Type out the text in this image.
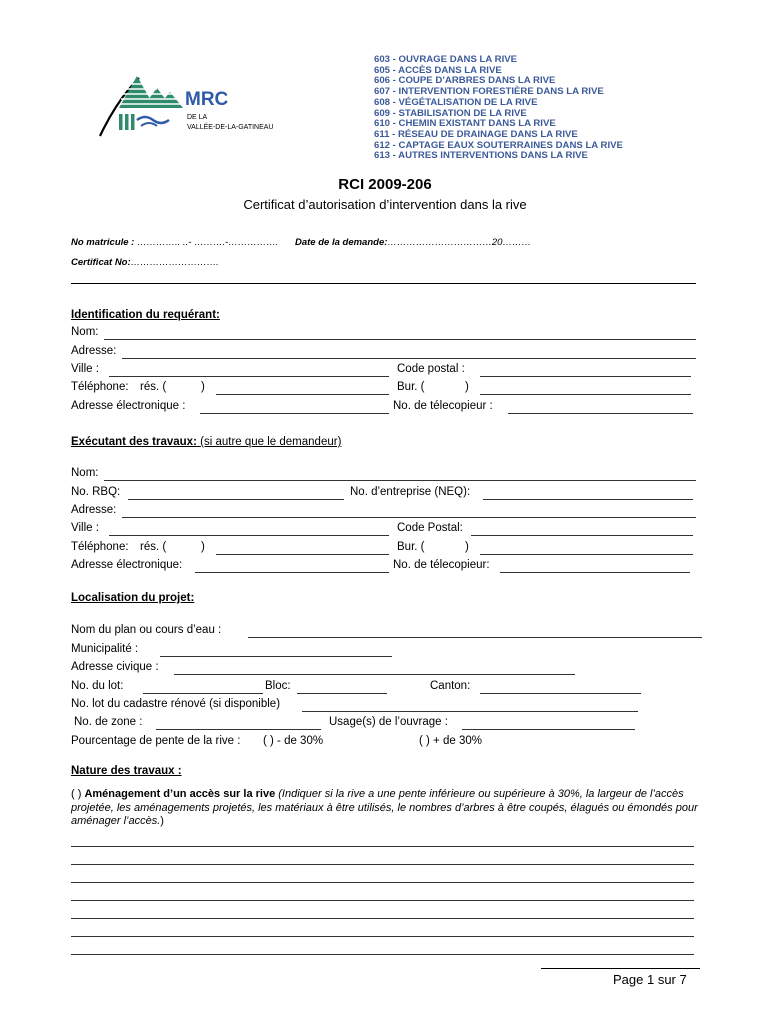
MRC
DE LA
VALLÉE-DE-LA-GATINEAU
603 - OUVRAGE DANS LA RIVE
605 - ACCÈS DANS LA RIVE
606 - COUPE D’ARBRES DANS LA RIVE
607 - INTERVENTION FORESTIÈRE DANS LA RIVE
608 - VÉGÉTALISATION DE LA RIVE
609 - STABILISATION DE LA RIVE
610 - CHEMIN EXISTANT DANS LA RIVE
611 - RÉSEAU DE DRAINAGE DANS LA RIVE
612 - CAPTAGE EAUX SOUTERRAINES DANS LA RIVE
613 - AUTRES INTERVENTIONS DANS LA RIVE
RCI 2009-206
Certificat d’autorisation d’intervention dans la rive
No matricule : ………….. ..- ……….-……………. Date de la demande:……………………………20………
Certificat No:……………………….
Identification du requérant:
Nom:
Adresse:
Ville :	Code postal :
Téléphone: rés. (	)	Bur. (	)
Adresse électronique :	No. de télecopieur :
Exécutant des travaux: (si autre que le demandeur)
Nom:
No. RBQ:	No. d’entreprise (NEQ):
Adresse:
Ville :	Code Postal:
Téléphone: rés. (	)	Bur. (	)
Adresse électronique:	No. de télecopieur:
Localisation du projet:
Nom du plan ou cours d’eau :
Municipalité :
Adresse civique :
No. du lot:	Bloc:	Canton:
No. lot du cadastre rénové (si disponible)
No. de zone :	Usage(s) de l’ouvrage :
Pourcentage de pente de la rive : ( ) - de 30%	( ) + de 30%
Nature des travaux :
( ) Aménagement d’un accès sur la rive (Indiquer si la rive a une pente inférieure ou supérieure à 30%, la largeur de l’accès projetée, les aménagements projetés, les matériaux à être utilisés, le nombres d’arbres à être coupés, élagués ou émondés pour aménager l’accès.)
Page 1 sur 7
